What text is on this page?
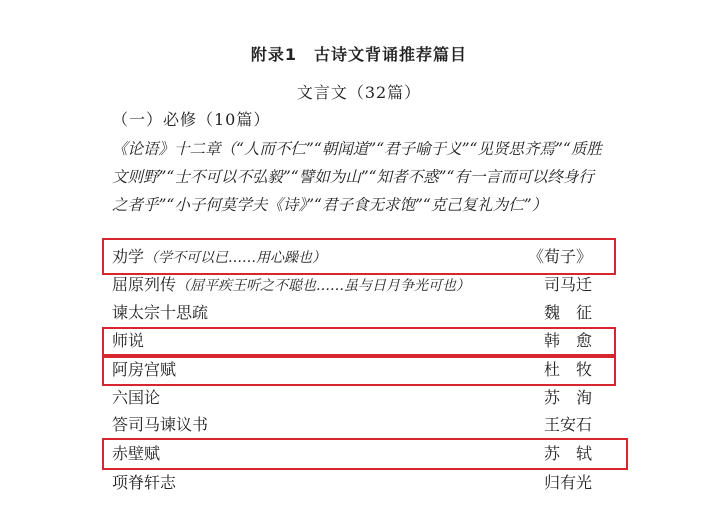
附录1　古诗文背诵推荐篇目
文言文（32篇）
（一）必修（10篇）
《论语》十二章（“人而不仁”“朝闻道”“君子喻于义”“见贤思齐焉”“质胜文则野”“士不可以不弘毅”“譬如为山”“知者不惑”“有一言而可以终身行之者乎”“小子何莫学夫《诗》”“君子食无求饱”“克己复礼为仁”）
劝学（学不可以已……用心躁也）	《荀子》
屈原列传（屈平疾王听之不聪也……虽与日月争光可也）	司马迁
谏太宗十思疏	魏征
师说	韩愈
阿房宫赋	杜牧
六国论	苏洵
答司马谏议书	王安石
赤壁赋	苏轼
项脊轩志	归有光
